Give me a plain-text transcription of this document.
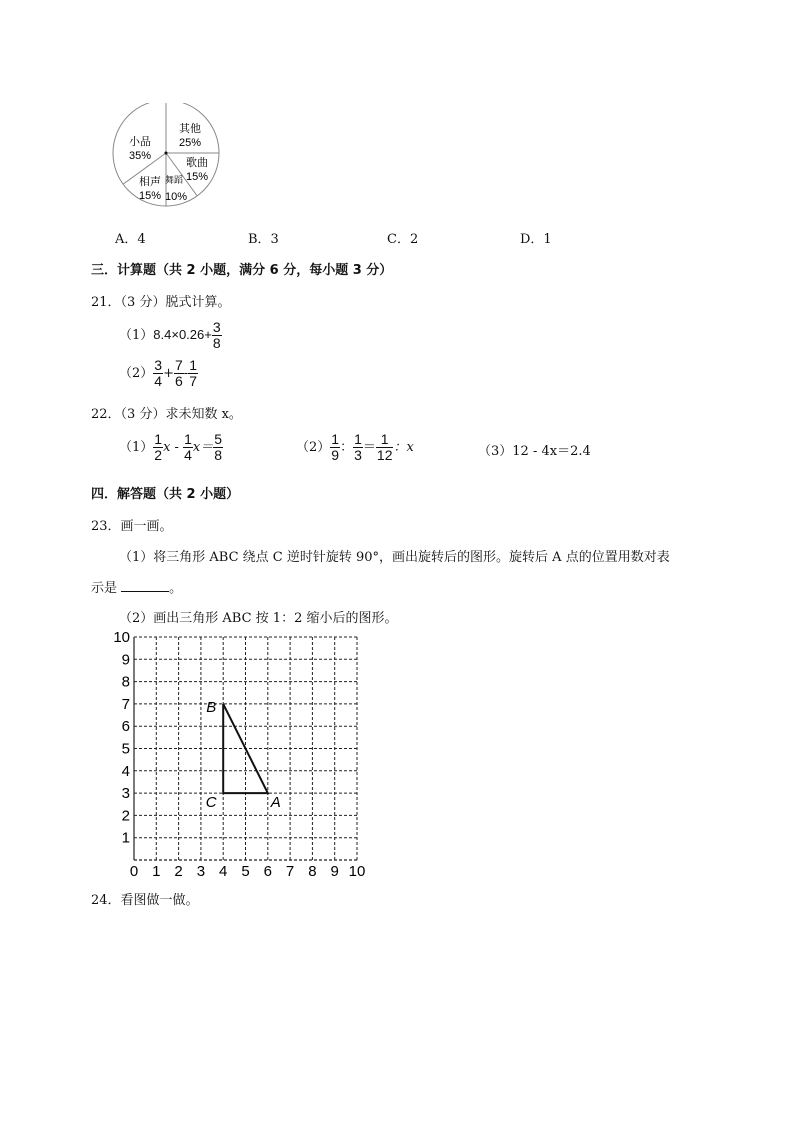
小品
35%
其他
25%
歌曲
15%
舞蹈
10%
相声
15%
A．4	B．3	C．2	D．1
三．计算题（共 2 小题，满分 6 分，每小题 3 分）
21．（3 分）脱式计算。
$(1)8.4\times 0.26+ \frac{3}{8}$
$(2) \frac{3}{4} + \frac{7}{6} - \frac{1}{7}$
22．（3 分）求未知数 x。
$(1) \frac{1}{2}$ $x - \frac{1}{4} x= \frac{5}{8}$	$(2) \frac{1}{9}$ ： $\frac{1}{3} = \frac{1}{12}$ ：x	（3）12 - 4x＝2.4
四．解答题（共 2 小题）
23．画一画。
（1）将三角形 ABC 绕点 C 逆时针旋转 90°，画出旋转后的图形。旋转后 A 点的位置用数对表
示是	。
（2）画出三角形 ABC 按 1：2 缩小后的图形。
0 1 2 3 4 5 6 7 8 9 10
1
2
3
4
5
6
7
8
9
10
A
B
C
24．看图做一做。
